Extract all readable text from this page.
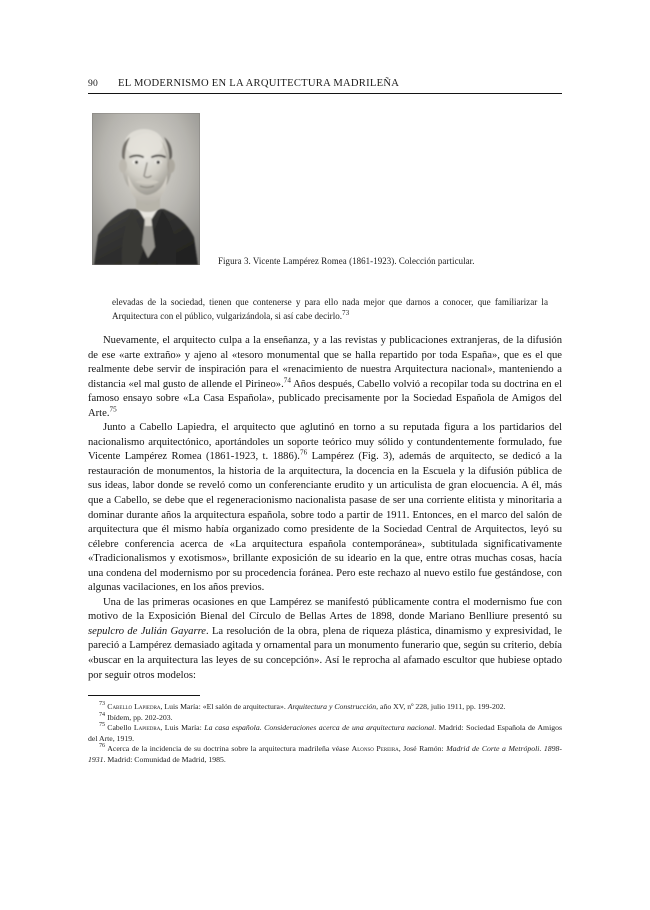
90	EL MODERNISMO EN LA ARQUITECTURA MADRILEÑA
Figura 3. Vicente Lampérez Romea (1861-1923). Colección particular.
elevadas de la sociedad, tienen que contenerse y para ello nada mejor que darnos a conocer, que familiarizar la Arquitectura con el público, vulgarizándola, si así cabe decirlo.$^{73}$

Nuevamente, el arquitecto culpa a la enseñanza, y a las revistas y publicaciones extranjeras, de la difusión de ese «arte extraño» y ajeno al «tesoro monumental que se halla repartido por toda España», que es el que realmente debe servir de inspiración para el «renacimiento de nuestra Arquitectura nacional», manteniendo a distancia «el mal gusto de allende el Pirineo».$^{74}$ Años después, Cabello volvió a recopilar toda su doctrina en el famoso ensayo sobre «La Casa Española», publicado precisamente por la Sociedad Española de Amigos del Arte.$^{75}$

Junto a Cabello Lapiedra, el arquitecto que aglutinó en torno a su reputada figura a los partidarios del nacionalismo arquitectónico, aportándoles un soporte teórico muy sólido y contundentemente formulado, fue Vicente Lampérez Romea (1861-1923, t. 1886).$^{76}$ Lampérez (Fig. 3), además de arquitecto, se dedicó a la restauración de monumentos, la historia de la arquitectura, la docencia en la Escuela y la difusión pública de sus ideas, labor donde se reveló como un conferenciante erudito y un articulista de gran elocuencia. A él, más que a Cabello, se debe que el regeneracionismo nacionalista pasase de ser una corriente elitista y minoritaria a dominar durante años la arquitectura española, sobre todo a partir de 1911. Entonces, en el marco del salón de arquitectura que él mismo había organizado como presidente de la Sociedad Central de Arquitectos, leyó su célebre conferencia acerca de «La arquitectura española contemporánea», subtitulada significativamente «Tradicionalismos y exotismos», brillante exposición de su ideario en la que, entre otras muchas cosas, hacía una condena del modernismo por su procedencia foránea. Pero este rechazo al nuevo estilo fue gestándose, con algunas vacilaciones, en los años previos.

Una de las primeras ocasiones en que Lampérez se manifestó públicamente contra el modernismo fue con motivo de la Exposición Bienal del Círculo de Bellas Artes de 1898, donde Mariano Benlliure presentó su sepulcro de Julián Gayarre. La resolución de la obra, plena de riqueza plástica, dinamismo y expresividad, le pareció a Lampérez demasiado agitada y ornamental para un monumento funerario que, según su criterio, debía «buscar en la arquitectura las leyes de su concepción». Así le reprocha al afamado escultor que hubiese optado por seguir otros modelos:

$^{73}$ Cabello Lapiedra, Luis María: «El salón de arquitectura». Arquitectura y Construcción, año XV, nº 228, julio 1911, pp. 199-202.

$^{74}$ Ibídem, pp. 202-203.

$^{75}$ Cabello Lapiedra, Luis María: La casa española. Consideraciones acerca de una arquitectura nacional. Madrid: Sociedad Española de Amigos del Arte, 1919.

$^{76}$ Acerca de la incidencia de su doctrina sobre la arquitectura madrileña véase Alonso Pereira, José Ramón: Madrid de Corte a Metrópoli. 1898-1931. Madrid: Comunidad de Madrid, 1985.
